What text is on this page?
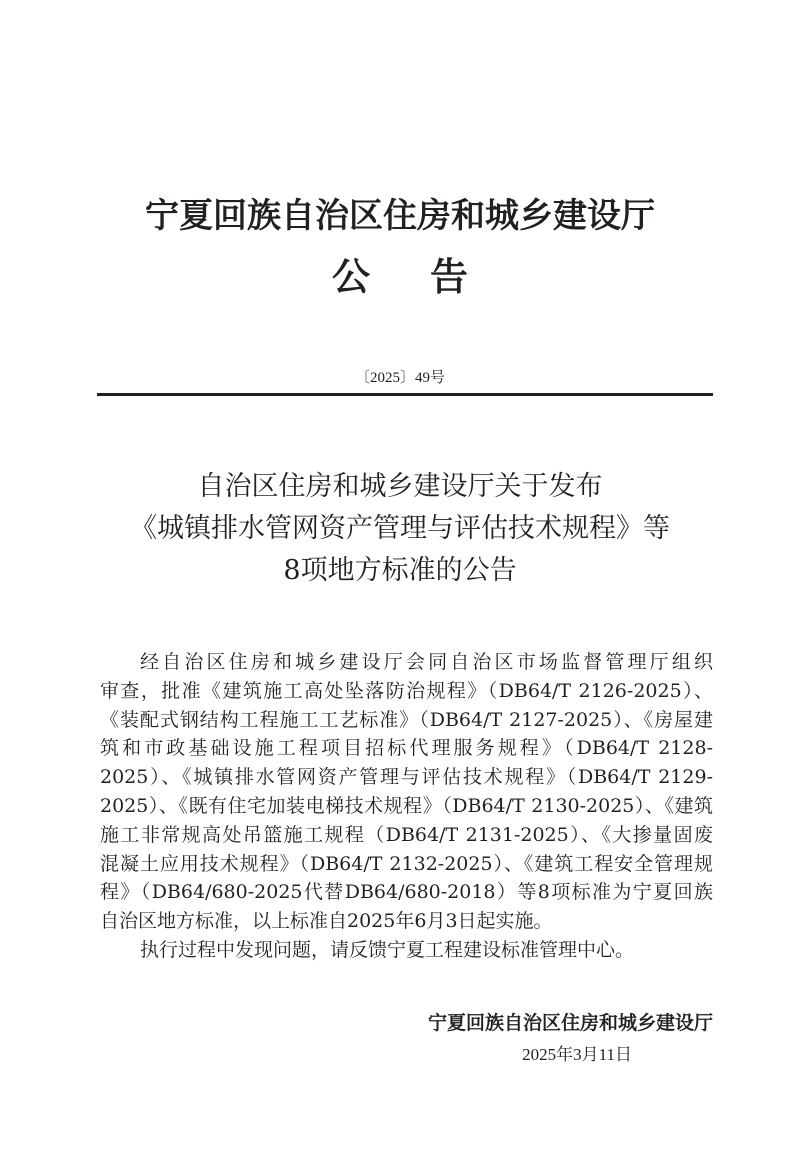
宁夏回族自治区住房和城乡建设厅
公告
〔2025〕49号
自治区住房和城乡建设厅关于发布
《城镇排水管网资产管理与评估技术规程》等
8项地方标准的公告
经自治区住房和城乡建设厅会同自治区市场监督管理厅组织
审查，批准《建筑施工高处坠落防治规程》（DB64/T 2126-2025）、
《装配式钢结构工程施工工艺标准》（DB64/T 2127-2025）、《房屋建
筑和市政基础设施工程项目招标代理服务规程》（DB64/T 2128-
2025）、《城镇排水管网资产管理与评估技术规程》（DB64/T 2129-
2025）、《既有住宅加装电梯技术规程》（DB64/T 2130-2025）、《建筑
施工非常规高处吊篮施工规程（DB64/T 2131-2025）、《大掺量固废
混凝土应用技术规程》（DB64/T 2132-2025）、《建筑工程安全管理规
程》（DB64/680-2025代替DB64/680-2018）等8项标准为宁夏回族
自治区地方标准，以上标准自2025年6月3日起实施。
执行过程中发现问题，请反馈宁夏工程建设标准管理中心。
宁夏回族自治区住房和城乡建设厅
2025年3月11日
